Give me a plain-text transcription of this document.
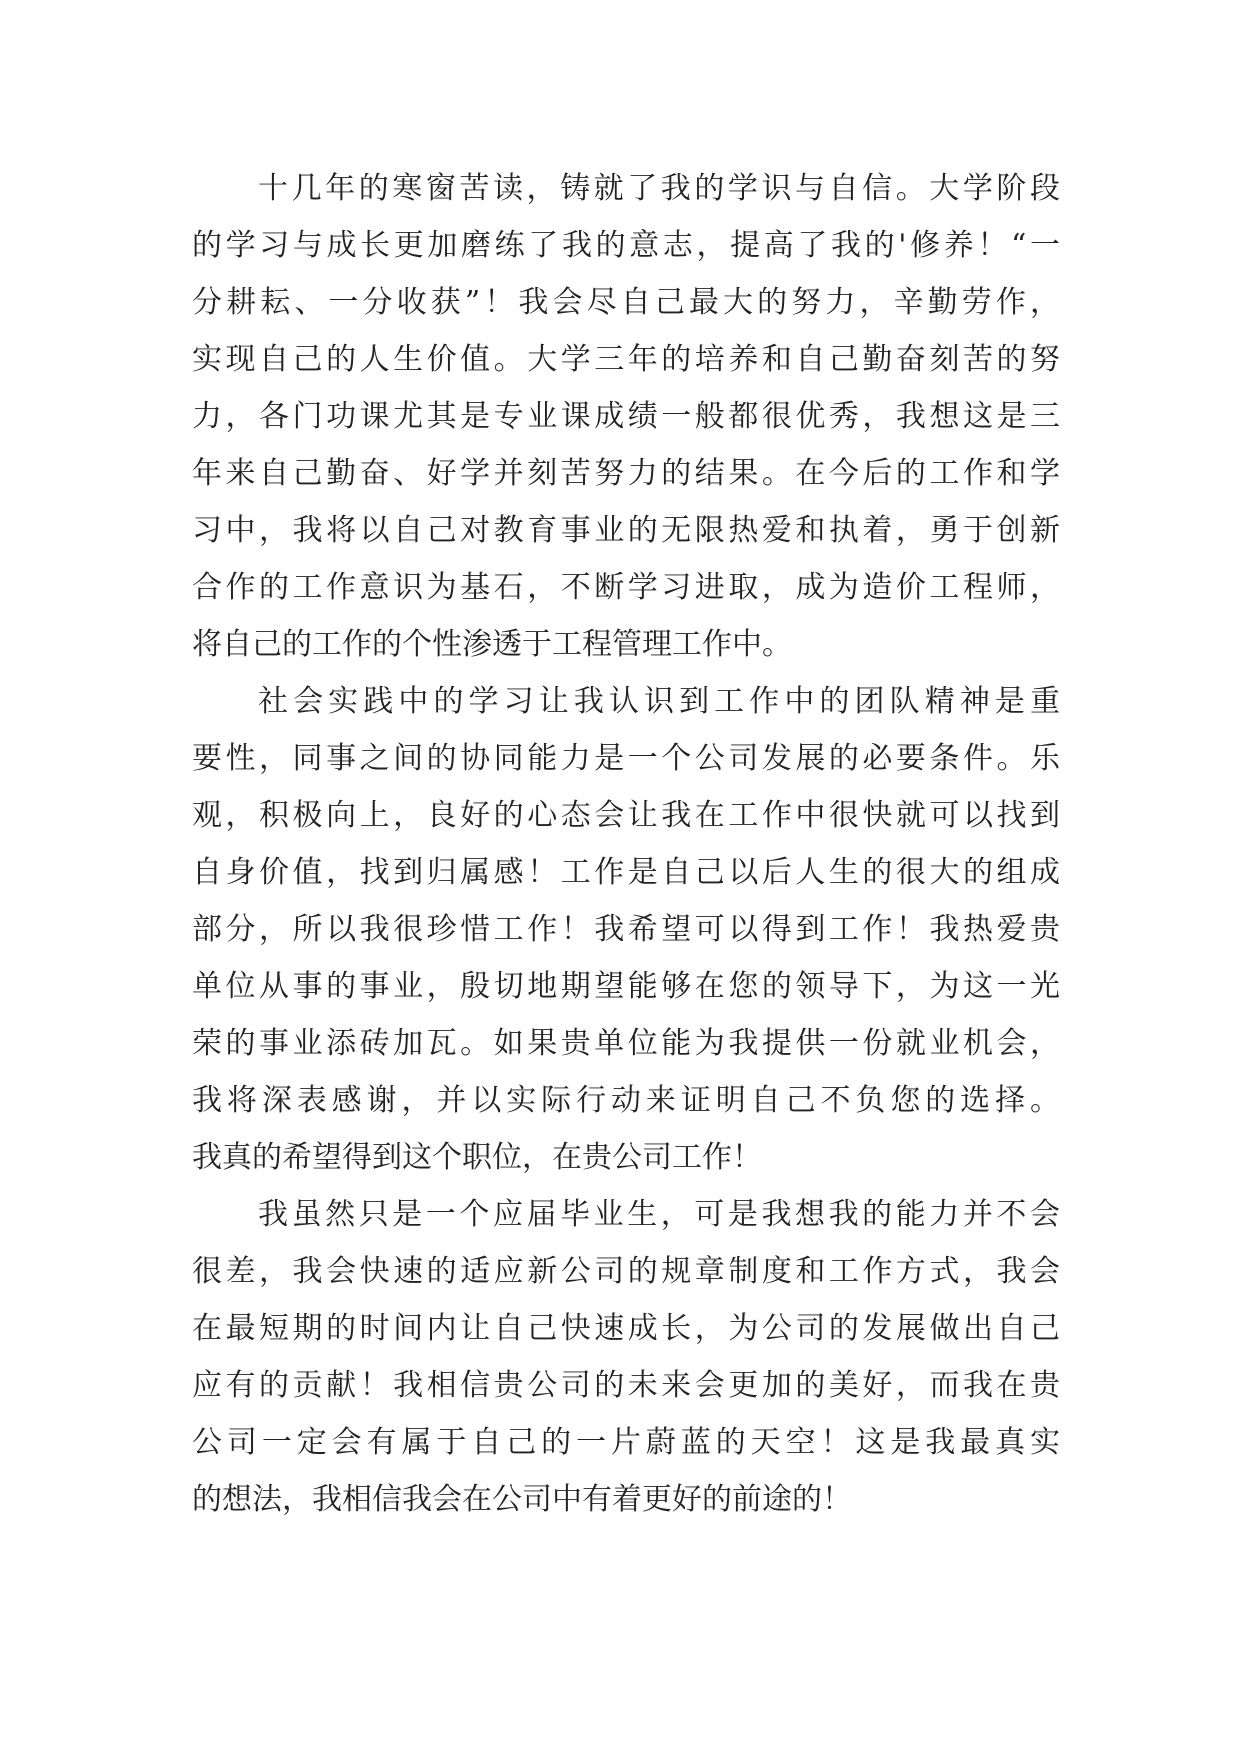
十几年的寒窗苦读，铸就了我的学识与自信。大学阶段
的学习与成长更加磨练了我的意志，提高了我的'修养！“一
分耕耘、一分收获”！我会尽自己最大的努力，辛勤劳作，
实现自己的人生价值。大学三年的培养和自己勤奋刻苦的努
力，各门功课尤其是专业课成绩一般都很优秀，我想这是三
年来自己勤奋、好学并刻苦努力的结果。在今后的工作和学
习中，我将以自己对教育事业的无限热爱和执着，勇于创新
合作的工作意识为基石，不断学习进取，成为造价工程师，
将自己的工作的个性渗透于工程管理工作中。
社会实践中的学习让我认识到工作中的团队精神是重
要性，同事之间的协同能力是一个公司发展的必要条件。乐
观，积极向上，良好的心态会让我在工作中很快就可以找到
自身价值，找到归属感！工作是自己以后人生的很大的组成
部分，所以我很珍惜工作！我希望可以得到工作！我热爱贵
单位从事的事业，殷切地期望能够在您的领导下，为这一光
荣的事业添砖加瓦。如果贵单位能为我提供一份就业机会，
我将深表感谢，并以实际行动来证明自己不负您的选择。
我真的希望得到这个职位，在贵公司工作！
我虽然只是一个应届毕业生，可是我想我的能力并不会
很差，我会快速的适应新公司的规章制度和工作方式，我会
在最短期的时间内让自己快速成长，为公司的发展做出自己
应有的贡献！我相信贵公司的未来会更加的美好，而我在贵
公司一定会有属于自己的一片蔚蓝的天空！这是我最真实
的想法，我相信我会在公司中有着更好的前途的！
